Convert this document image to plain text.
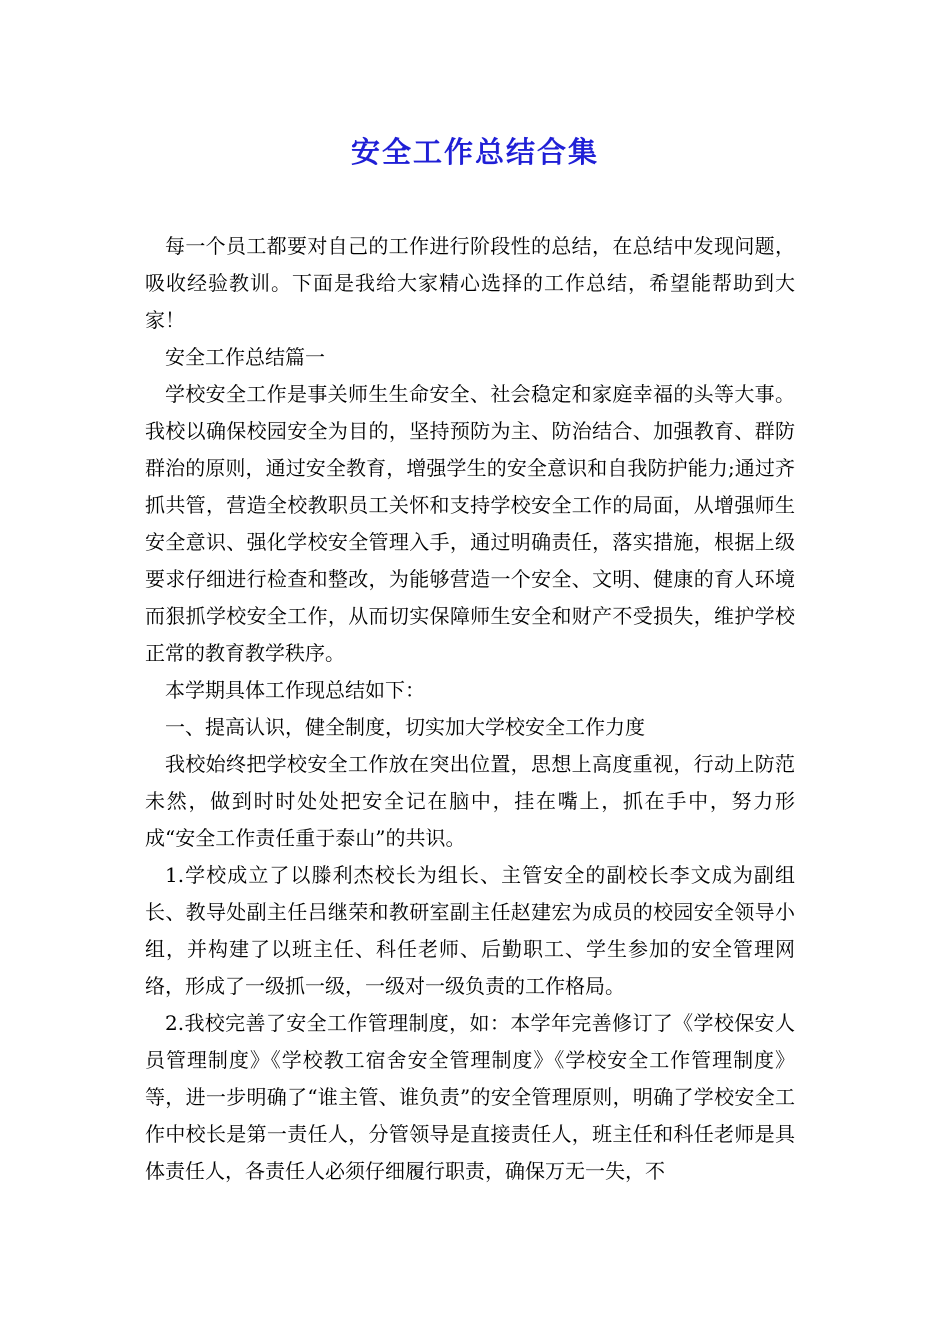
安全工作总结合集

每一个员工都要对自己的工作进行阶段性的总结，在总结中发现问题，吸收经验教训。下面是我给大家精心选择的工作总结，希望能帮助到大家！

安全工作总结篇一

学校安全工作是事关师生生命安全、社会稳定和家庭幸福的头等大事。我校以确保校园安全为目的，坚持预防为主、防治结合、加强教育、群防群治的原则，通过安全教育，增强学生的安全意识和自我防护能力;通过齐抓共管，营造全校教职员工关怀和支持学校安全工作的局面，从增强师生安全意识、强化学校安全管理入手，通过明确责任，落实措施，根据上级要求仔细进行检查和整改，为能够营造一个安全、文明、健康的育人环境而狠抓学校安全工作，从而切实保障师生安全和财产不受损失，维护学校正常的教育教学秩序。

本学期具体工作现总结如下：

一、提高认识，健全制度，切实加大学校安全工作力度

我校始终把学校安全工作放在突出位置，思想上高度重视，行动上防范未然，做到时时处处把安全记在脑中，挂在嘴上，抓在手中，努力形成“安全工作责任重于泰山”的共识。

1.学校成立了以滕利杰校长为组长、主管安全的副校长李文成为副组长、教导处副主任吕继荣和教研室副主任赵建宏为成员的校园安全领导小组，并构建了以班主任、科任老师、后勤职工、学生参加的安全管理网络，形成了一级抓一级，一级对一级负责的工作格局。

2.我校完善了安全工作管理制度，如：本学年完善修订了《学校保安人员管理制度》《学校教工宿舍安全管理制度》《学校安全工作管理制度》等，进一步明确了“谁主管、谁负责”的安全管理原则，明确了学校安全工作中校长是第一责任人，分管领导是直接责任人，班主任和科任老师是具体责任人，各责任人必须仔细履行职责，确保万无一失，不
